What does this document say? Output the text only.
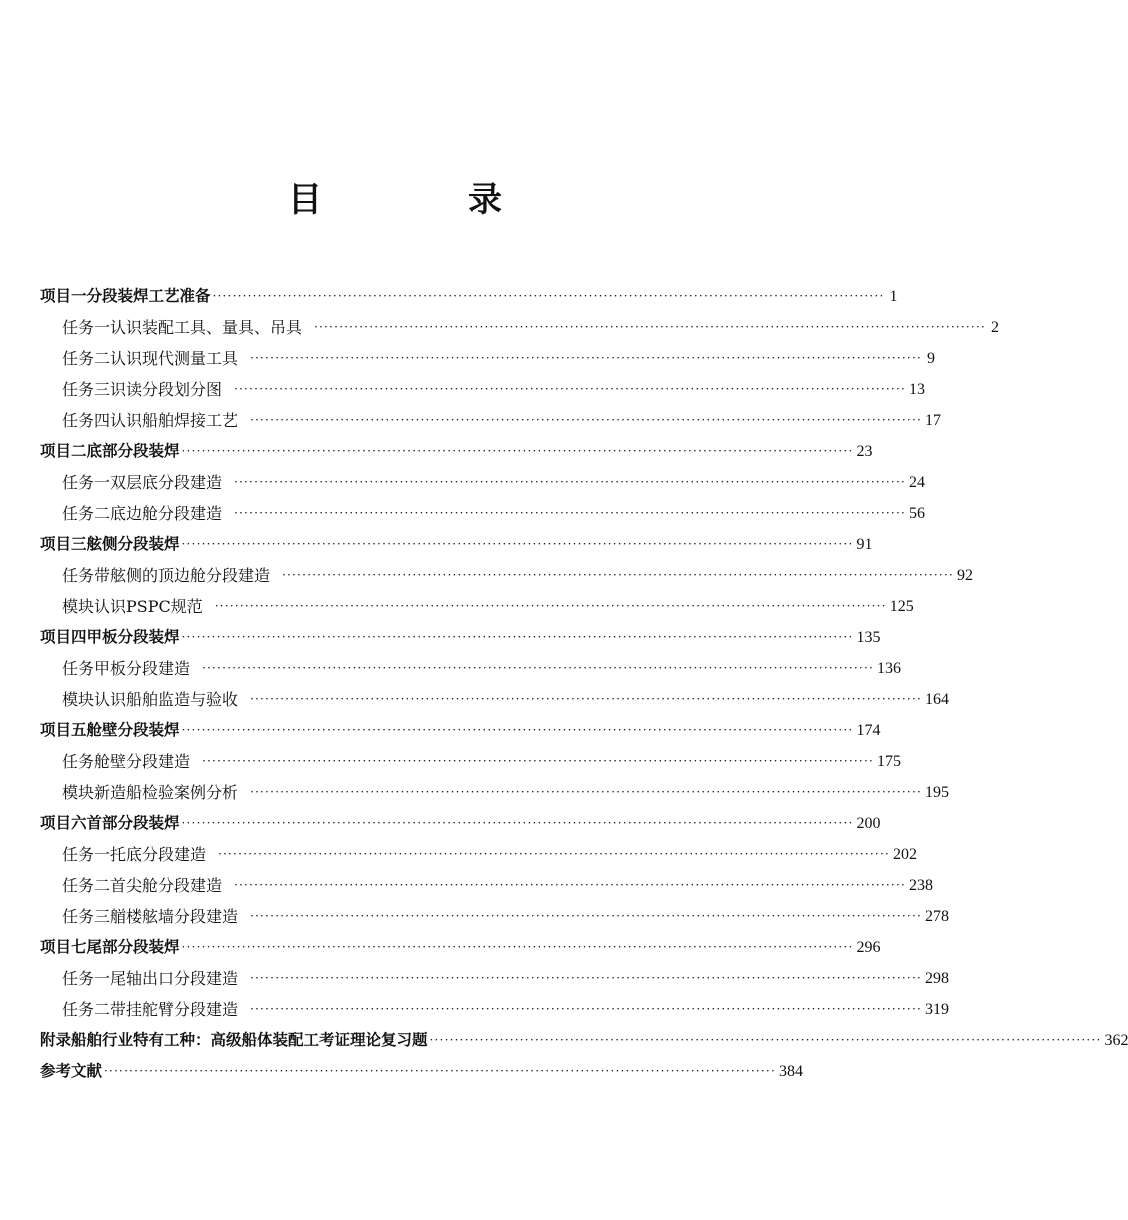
目　录
项目一 分段装焊工艺准备 ······································································································································ 1
任务一 认识装配工具、量具、吊具 ······································································································································ 2
任务二 认识现代测量工具 ······································································································································ 9
任务三 识读分段划分图 ······································································································································ 13
任务四 认识船舶焊接工艺 ······································································································································ 17
项目二 底部分段装焊 ······································································································································ 23
任务一 双层底分段建造 ······································································································································ 24
任务二 底边舱分段建造 ······································································································································ 56
项目三 舷侧分段装焊 ······································································································································ 91
任务 带舷侧的顶边舱分段建造 ······································································································································ 92
模块 认识PSPC规范 ······································································································································ 125
项目四 甲板分段装焊 ······································································································································ 135
任务 甲板分段建造 ······································································································································ 136
模块 认识船舶监造与验收 ······································································································································ 164
项目五 舱壁分段装焊 ······································································································································ 174
任务 舱壁分段建造 ······································································································································ 175
模块 新造船检验案例分析 ······································································································································ 195
项目六 首部分段装焊 ······································································································································ 200
任务一 托底分段建造 ······································································································································ 202
任务二 首尖舱分段建造 ······································································································································ 238
任务三 艏楼舷墙分段建造 ······································································································································ 278
项目七 尾部分段装焊 ······································································································································ 296
任务一 尾轴出口分段建造 ······································································································································ 298
任务二 带挂舵臂分段建造 ······································································································································ 319
附录 船舶行业特有工种：高级船体装配工考证理论复习题 ······································································································································ 362
参考文献 ······································································································································ 384
